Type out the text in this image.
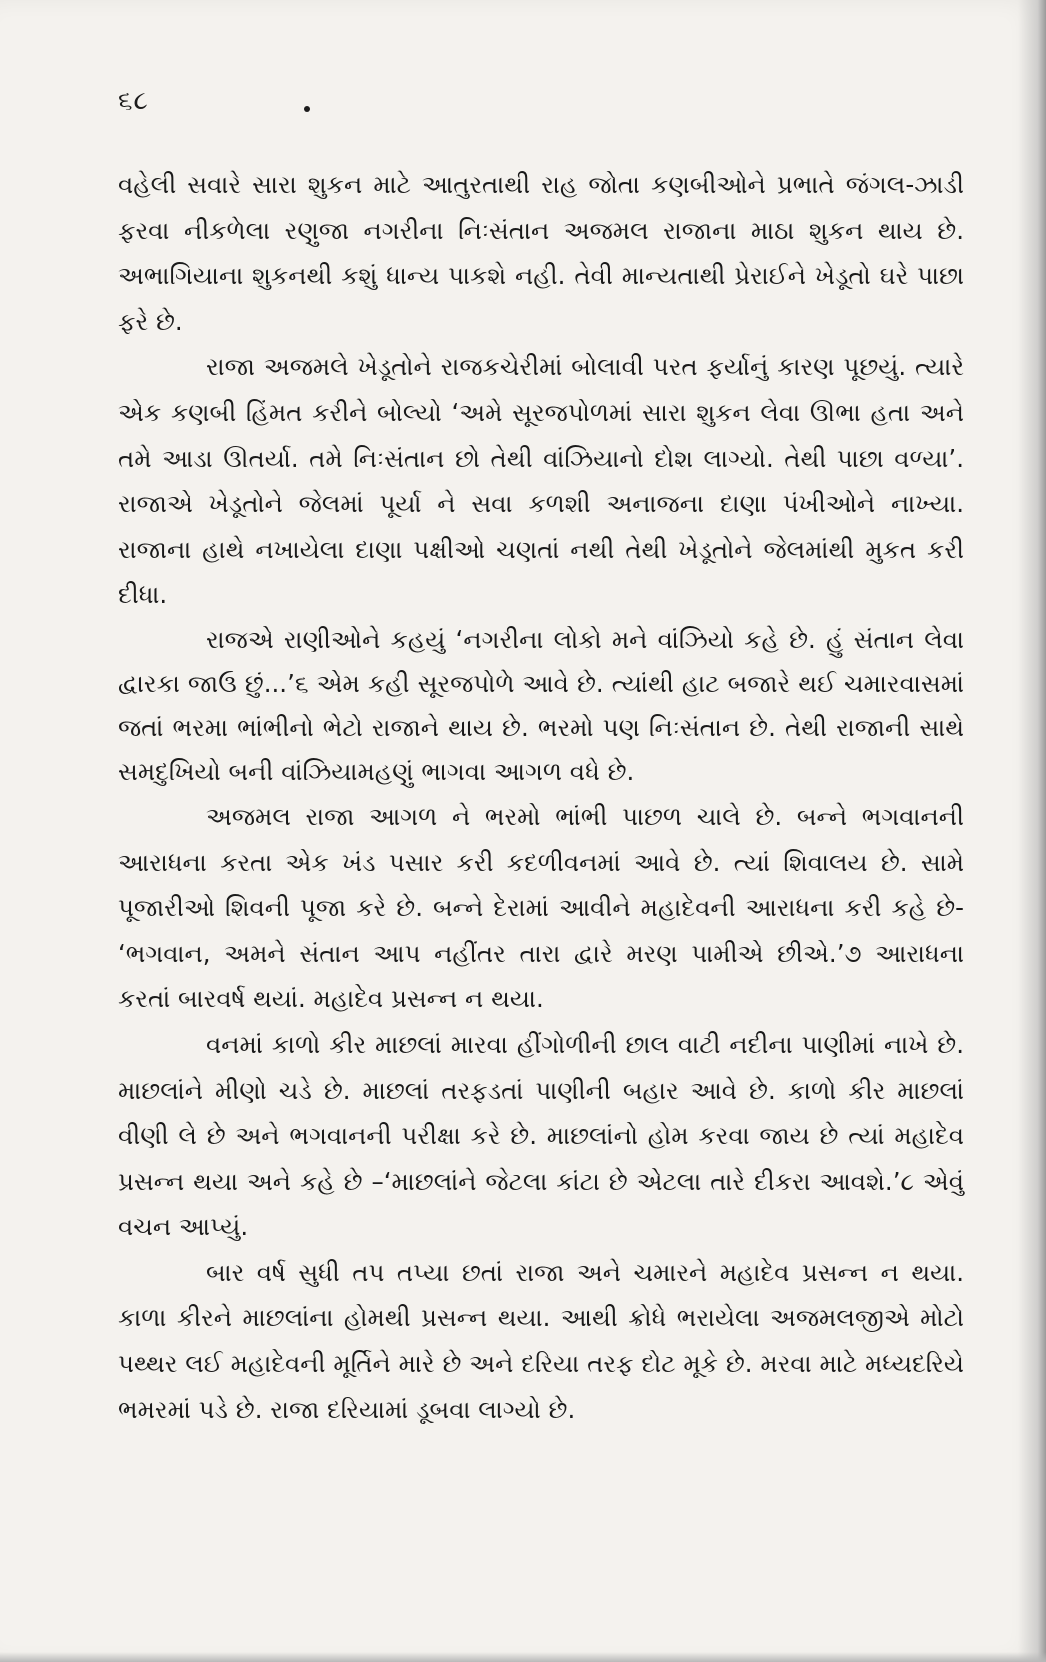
૬૮

વહેલી સવારે સારા શુકન માટે આતુરતાથી રાહ જોતા કણબીઓને પ્રભાતે જંગલ-ઝાડી ફરવા નીકળેલા રણુજા નગરીના નિઃસંતાન અજમલ રાજાના માઠા શુકન થાય છે. અભાગિયાના શુકનથી કશું ધાન્ય પાકશે નહી. તેવી માન્યતાથી પ્રેરાઈને ખેડૂતો ઘરે પાછા ફરે છે.

રાજા અજમલે ખેડૂતોને રાજકચેરીમાં બોલાવી પરત ફર્યાનું કારણ પૂછયું. ત્યારે એક કણબી હિંમત કરીને બોલ્યો ‘અમે સૂરજપોળમાં સારા શુકન લેવા ઊભા હતા અને તમે આડા ઊતર્યા. તમે નિઃસંતાન છો તેથી વાંઝિયાનો દોશ લાગ્યો. તેથી પાછા વળ્યા’. રાજાએ ખેડૂતોને જેલમાં પૂર્યા ને સવા કળશી અનાજના દાણા પંખીઓને નાખ્યા. રાજાના હાથે નખાયેલા દાણા પક્ષીઓ ચણતાં નથી તેથી ખેડૂતોને જેલમાંથી મુકત કરી દીધા.

રાજએ રાણીઓને કહયું ‘નગરીના લોકો મને વાંઝિયો કહે છે. હું સંતાન લેવા દ્વારકા જાઉ છું...’૬ એમ કહી સૂરજપોળે આવે છે. ત્યાંથી હાટ બજારે થઈ ચમારવાસમાં જતાં ભરમા ભાંભીનો ભેટો રાજાને થાય છે. ભરમો પણ નિઃસંતાન છે. તેથી રાજાની સાથે સમદુખિયો બની વાંઝિયામહણું ભાગવા આગળ વધે છે.

અજમલ રાજા આગળ ને ભરમો ભાંભી પાછળ ચાલે છે. બન્ને ભગવાનની આરાધના કરતા એક ખંડ પસાર કરી કદળીવનમાં આવે છે. ત્યાં શિવાલય છે. સામે પૂજારીઓ શિવની પૂજા કરે છે. બન્ને દેરામાં આવીને મહાદેવની આરાધના કરી કહે છે- ‘ભગવાન, અમને સંતાન આપ નહીંતર તારા દ્વારે મરણ પામીએ છીએ.’૭ આરાધના કરતાં બારવર્ષ થયાં. મહાદેવ પ્રસન્ન ન થયા.

વનમાં કાળો કીર માછલાં મારવા હીંગોળીની છાલ વાટી નદીના પાણીમાં નાખે છે. માછલાંને મીણો ચડે છે. માછલાં તરફડતાં પાણીની બહાર આવે છે. કાળો કીર માછલાં વીણી લે છે અને ભગવાનની પરીક્ષા કરે છે. માછલાંનો હોમ કરવા જાય છે ત્યાં મહાદેવ પ્રસન્ન થયા અને કહે છે –‘માછલાંને જેટલા કાંટા છે એટલા તારે દીકરા આવશે.’૮ એવું વચન આપ્યું.

બાર વર્ષ સુધી તપ તપ્યા છતાં રાજા અને ચમારને મહાદેવ પ્રસન્ન ન થયા. કાળા કીરને માછલાંના હોમથી પ્રસન્ન થયા. આથી ક્રોધે ભરાયેલા અજમલજીએ મોટો પથ્થર લઈ મહાદેવની મૂર્તિને મારે છે અને દરિયા તરફ દોટ મૂકે છે. મરવા માટે મધ્યદરિયે ભમરમાં પડે છે. રાજા દરિયામાં ડૂબવા લાગ્યો છે.
